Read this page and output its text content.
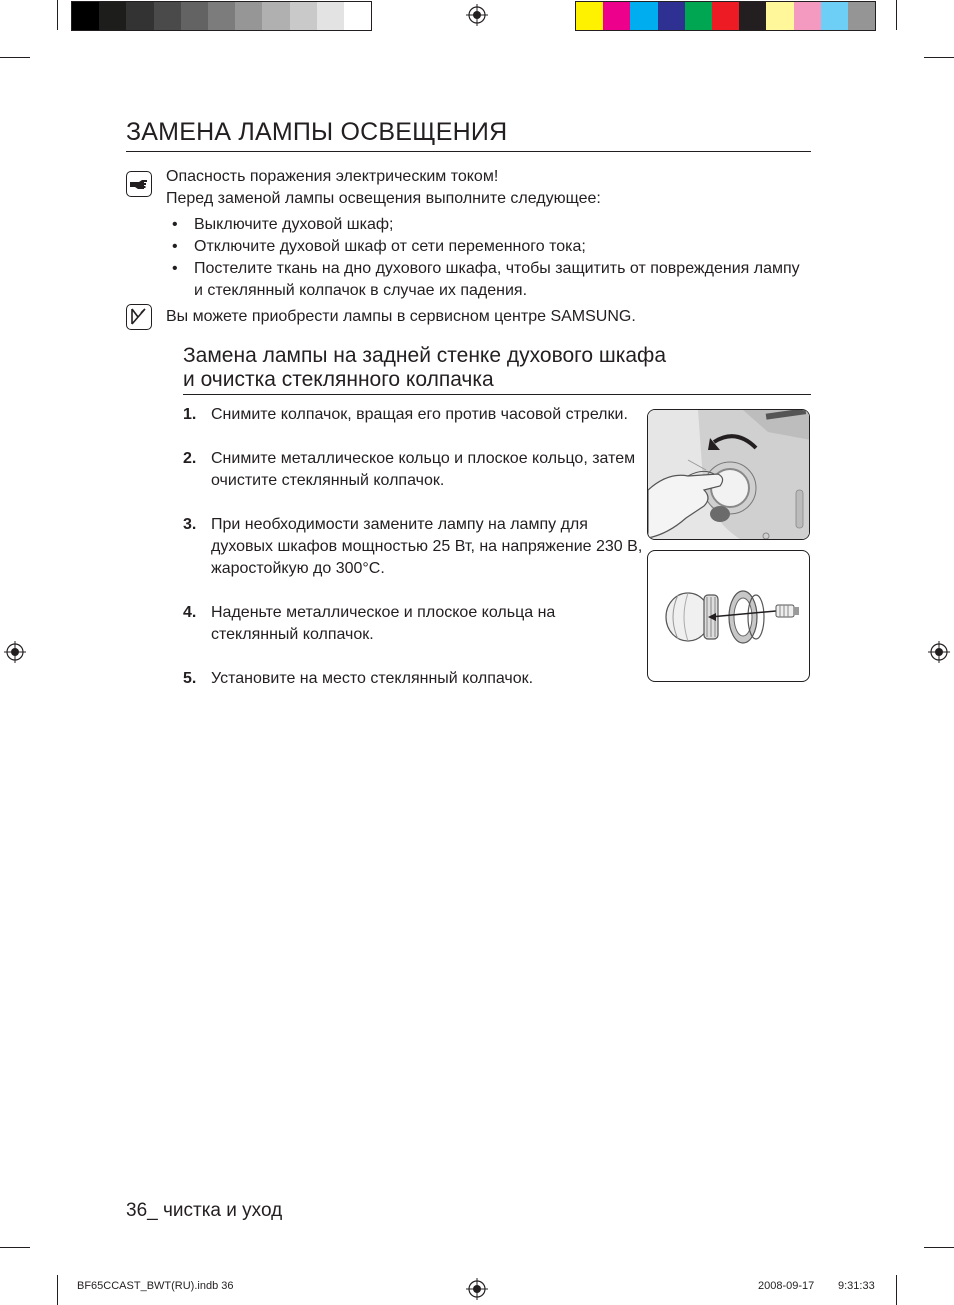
ЗАМЕНА ЛАМПЫ ОСВЕЩЕНИЯ
Опасность поражения электрическим током!
Перед заменой лампы освещения выполните следующее:
• Выключите духовой шкаф;
• Отключите духовой шкаф от сети переменного тока;
• Постелите ткань на дно духового шкафа, чтобы защитить от повреждения лампу и стеклянный колпачок в случае их падения.
Вы можете приобрести лампы в сервисном центре SAMSUNG.
Замена лампы на задней стенке духового шкафа
и очистка стеклянного колпачка
1. Снимите колпачок, вращая его против часовой стрелки.
2. Снимите металлическое кольцо и плоское кольцо, затем очистите стеклянный колпачок.
3. При необходимости замените лампу на лампу для духовых шкафов мощностью 25 Вт, на напряжение 230 В, жаростойкую до 300°C.
4. Наденьте металлическое и плоское кольца на стеклянный колпачок.
5. Установите на место стеклянный колпачок.
36_ чистка и уход
BF65CCAST_BWT(RU).indb 36	2008-09-17 9:31:33
